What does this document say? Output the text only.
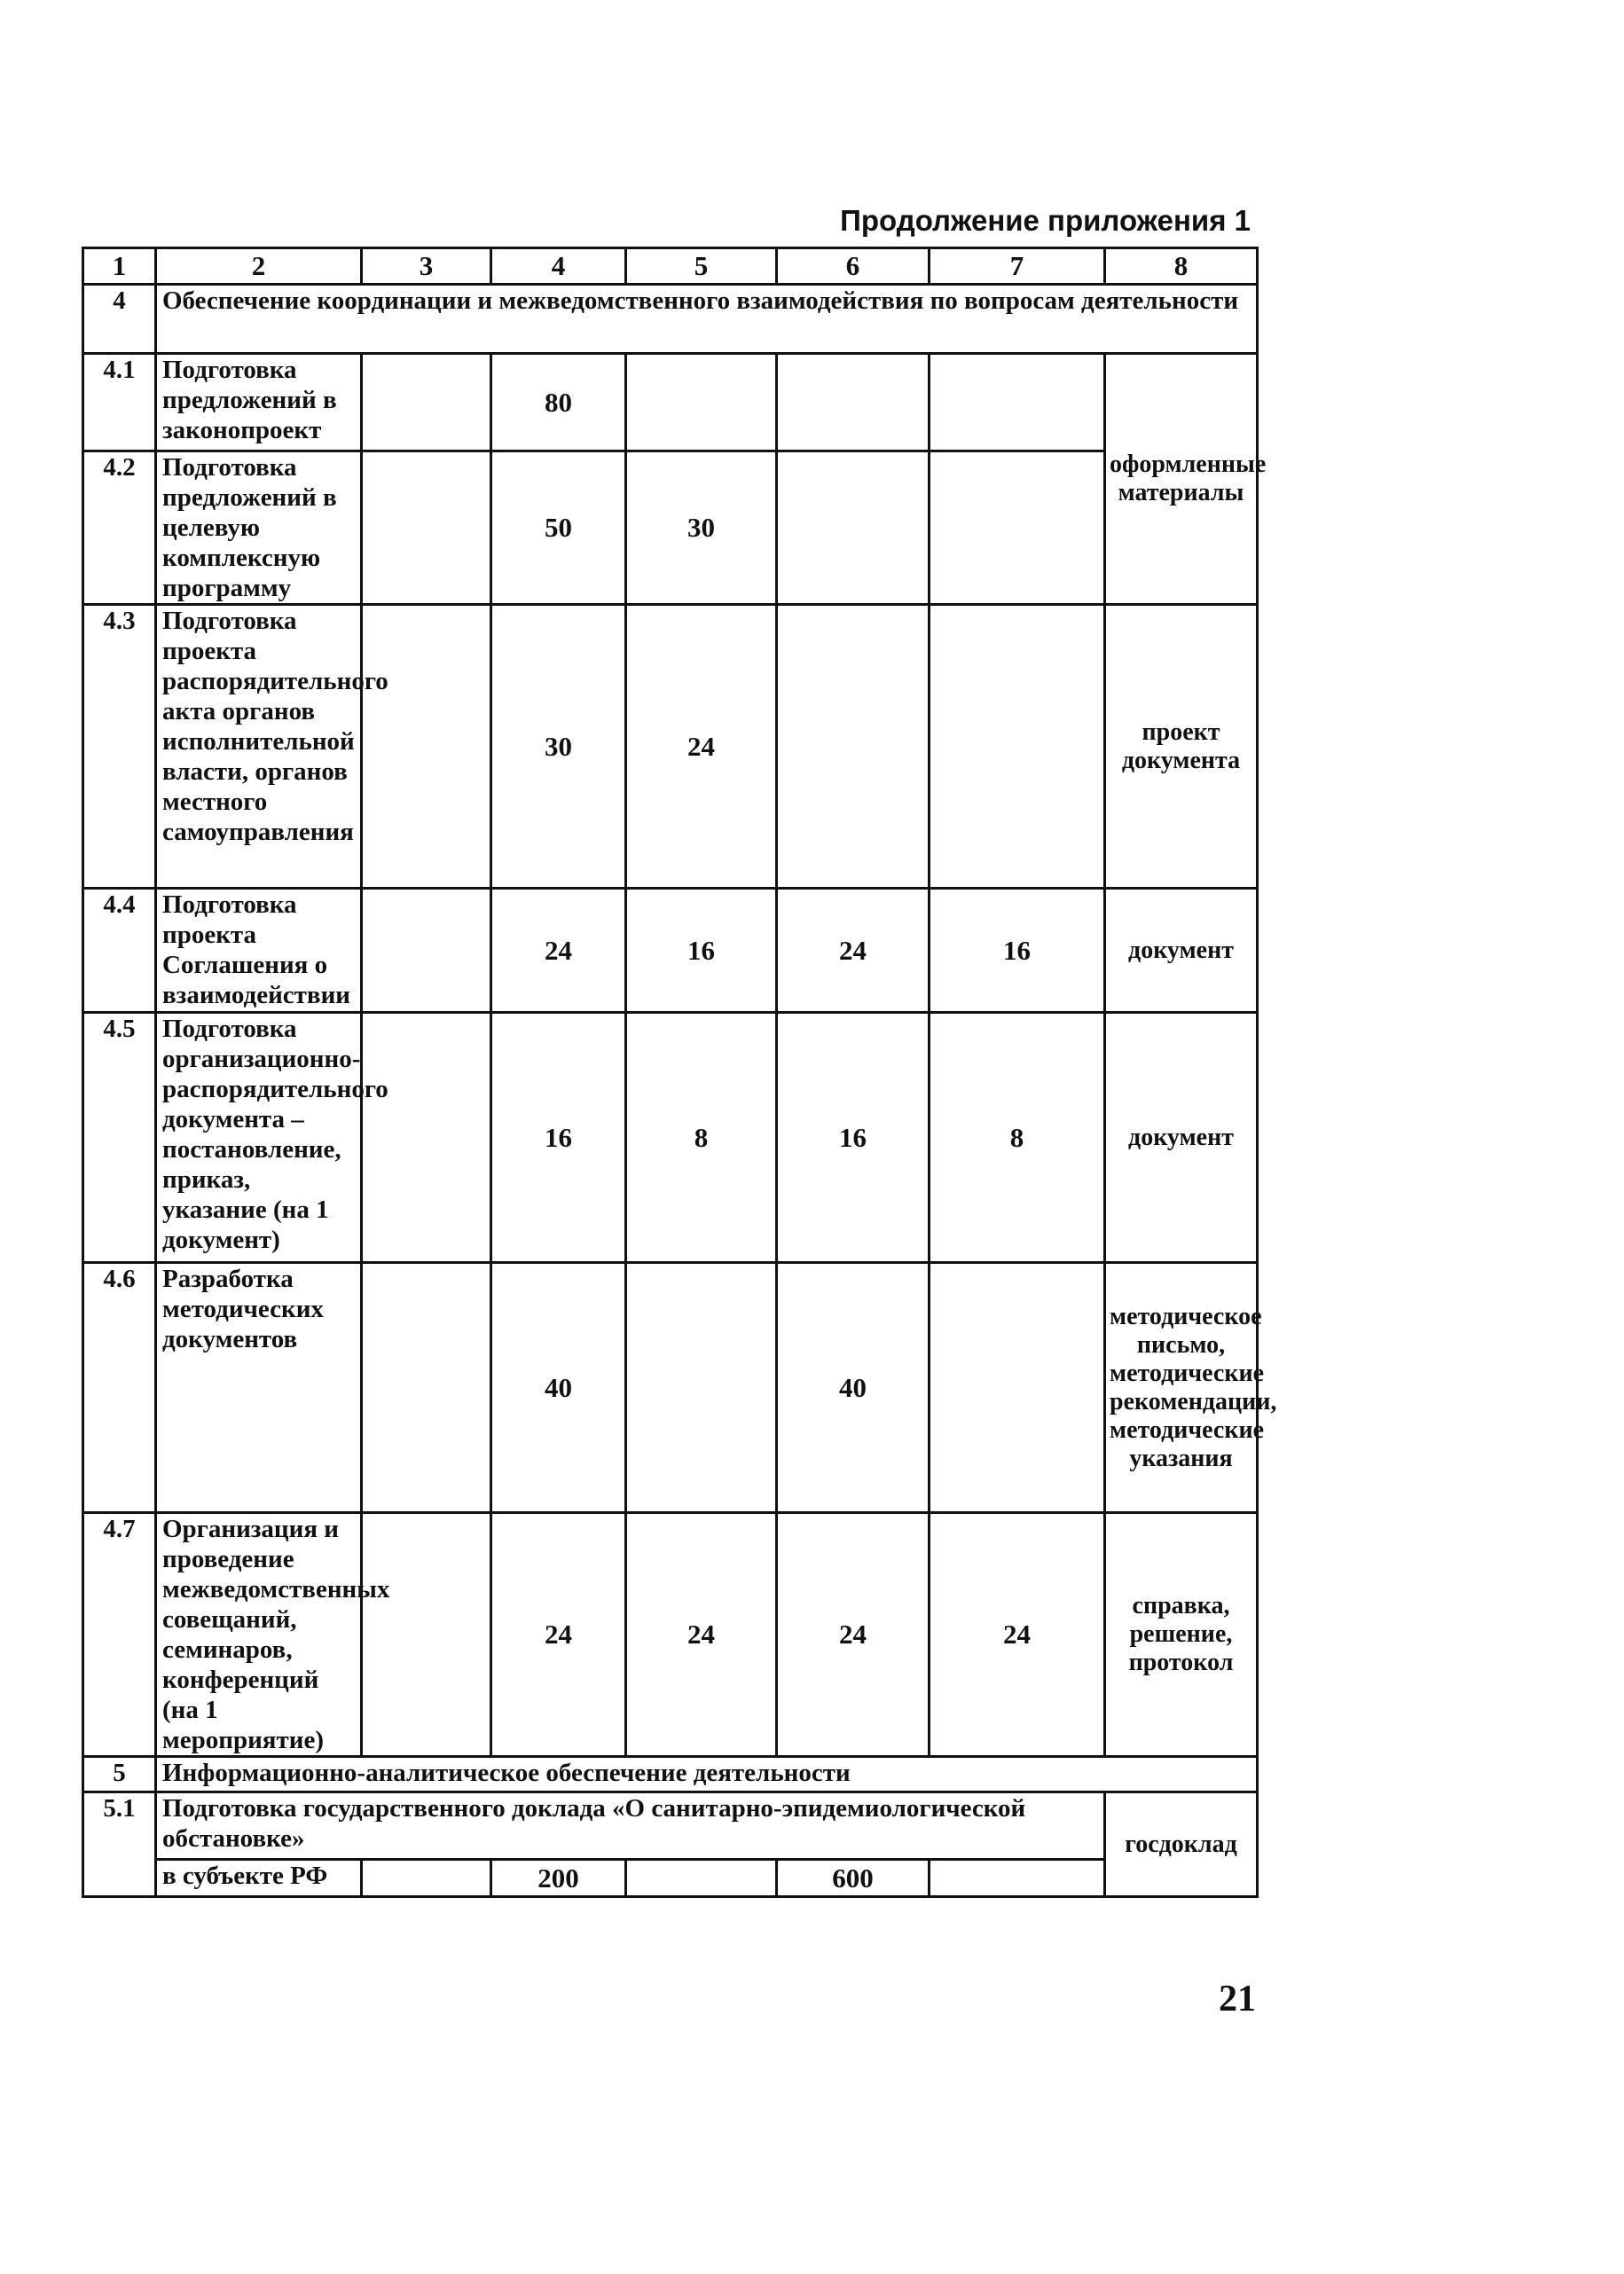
Продолжение приложения 1
1	2	3	4	5	6	7	8
4	Обеспечение координации и межведомственного взаимодействия по вопросам деятельности						
4.1	Подготовка предложений в законопроект		80				оформленные материалы
4.2	Подготовка предложений в целевую комплексную программу		50	30			
4.3	Подготовка проекта распорядительного акта органов исполнительной власти, органов местного самоуправления		30	24			проект документа
4.4	Подготовка проекта Соглашения о взаимодействии		24	16	24	16	документ
4.5	Подготовка организационно-распорядительного документа – постановление, приказ, указание (на 1 документ)		16	8	16	8	документ
4.6	Разработка методических документов		40		40		методическое письмо, методические рекомендации, методические указания
4.7	Организация и проведение межведомственных совещаний, семинаров, конференций (на 1 мероприятие)		24	24	24	24	справка, решение, протокол
5	Информационно-аналитическое обеспечение деятельности						
5.1	Подготовка государственного доклада «О санитарно-эпидемиологической обстановке»						госдоклад
	в субъекте РФ		200		600		
21
